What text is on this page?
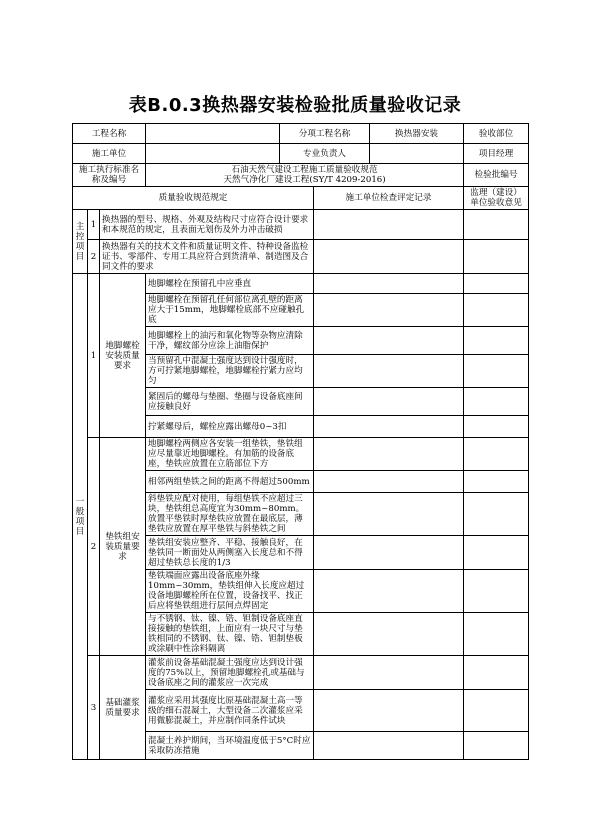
表B.0.3换热器安装检验批质量验收记录
工程名称				分项工程名称		换热器安装	验收部位
施工单位				专业负责人			项目经理
施工执行标准名称及编号			石油天然气建设工程施工质量验收规范
天然气净化厂建设工程(SY/T 4209-2016)				检验批编号
质量验收规范规定					施工单位检查评定记录		监理（建设）单位验收意见
主控项目	1	换热器的型号、规格、外观及结构尺寸应符合设计要求和本规范的规定，且表面无划伤及外力冲击破损					
	2	换热器有关的技术文件和质量证明文件、特种设备监检证书、零部件、专用工具应符合到货清单、制造图及合同文件的要求					
一般项目	1	地脚螺栓安装质量要求	地脚螺栓在预留孔中应垂直				
			地脚螺栓在预留孔任何部位离孔壁的距离应大于15mm，地脚螺栓底部不应碰触孔底				
			地脚螺栓上的油污和氧化物等杂物应清除干净，螺纹部分应涂上油脂保护				
			当预留孔中混凝土强度达到设计强度时，方可拧紧地脚螺栓，地脚螺栓拧紧力应均匀				
			紧固后的螺母与垫圈、垫圈与设备底座间应接触良好				
			拧紧螺母后，螺栓应露出螺母0~3扣				
	2	垫铁组安装质量要求	地脚螺栓两侧应各安装一组垫铁，垫铁组应尽量靠近地脚螺栓。有加筋的设备底座，垫铁应放置在立筋部位下方				
			相邻两组垫铁之间的距离不得超过500mm				
			斜垫铁应配对使用，每组垫铁不应超过三块，垫铁组总高度宜为30mm~80mm。放置平垫铁时厚垫铁应放置在最底层，薄垫铁应放置在厚平垫铁与斜垫铁之间				
			垫铁组安装应整齐、平稳、接触良好，在垫铁同一断面处从两侧塞入长度总和不得超过垫铁总长度的1/3				
			垫铁端面应露出设备底座外缘10mm~30mm，垫铁组伸入长度应超过设备地脚螺栓所在位置，设备找平、找正后应将垫铁组进行层间点焊固定				
			与不锈钢、钛、镍、锆、钽制设备底座直接接触的垫铁组，上面应有一块尺寸与垫铁相同的不锈钢、钛、镍、锆、钽制垫板或涂刷中性涂料隔离				
	3	基础灌浆质量要求	灌浆前设备基础混凝土强度应达到设计强度的75%以上，预留地脚螺栓孔或基础与设备底座之间的灌浆应一次完成				
			灌浆应采用其强度比原基础混凝土高一等级的细石混凝土，大型设备二次灌浆应采用微膨混凝土，并应制作同条件试块				
			混凝土养护期间，当环境温度低于5°C时应采取防冻措施				
